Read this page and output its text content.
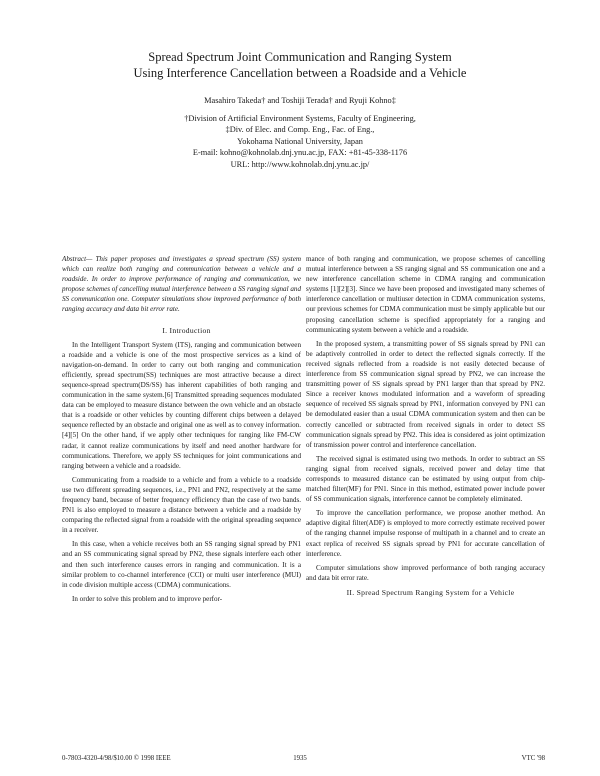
Spread Spectrum Joint Communication and Ranging System
Using Interference Cancellation between a Roadside and a Vehicle

Masahiro Takeda† and Toshiji Terada† and Ryuji Kohno‡

†Division of Artificial Environment Systems, Faculty of Engineering,

‡Div. of Elec. and Comp. Eng., Fac. of Eng.,

Yokohama National University, Japan

E-mail: kohno@kohnolab.dnj.ynu.ac.jp, FAX: +81-45-338-1176

URL: http://www.kohnolab.dnj.ynu.ac.jp/

Abstract— This paper proposes and investigates a spread spectrum (SS) system which can realize both ranging and communication between a vehicle and a roadside. In order to improve performance of ranging and communication, we propose schemes of cancelling mutual interference between a SS ranging signal and SS communication one. Computer simulations show improved performance of both ranging accuracy and data bit error rate.

I. Introduction

In the Intelligent Transport System (ITS), ranging and communication between a roadside and a vehicle is one of the most prospective services as a kind of navigation-on-demand. In order to carry out both ranging and communication efficiently, spread spectrum(SS) techniques are most attractive because a direct sequence-spread spectrum(DS/SS) has inherent capabilities of both ranging and communication in the same system.[6] Transmitted spreading sequences modulated data can be employed to measure distance between the own vehicle and an obstacle that is a roadside or other vehicles by counting different chips between a delayed sequence reflected by an obstacle and original one as well as to convey information. [4][5] On the other hand, if we apply other techniques for ranging like FM-CW radar, it cannot realize communications by itself and need another hardware for communications. Therefore, we apply SS techniques for joint communications and ranging between a vehicle and a roadside.

Communicating from a roadside to a vehicle and from a vehicle to a roadside use two different spreading sequences, i.e., PN1 and PN2, respectively at the same frequency band, because of better frequency efficiency than the case of two bands. PN1 is also employed to measure a distance between a vehicle and a roadside by comparing the reflected signal from a roadside with the original spreading sequence in a receiver.

In this case, when a vehicle receives both an SS ranging signal spread by PN1 and an SS communicating signal spread by PN2, these signals interfere each other and then such interference causes errors in ranging and communication. It is a similar problem to co-channel interference (CCI) or multi user interference (MUI) in code division multiple access (CDMA) communications.

In order to solve this problem and to improve perfor-

mance of both ranging and communication, we propose schemes of cancelling mutual interference between a SS ranging signal and SS communication one and a new interference cancellation scheme in CDMA ranging and communication systems [1][2][3]. Since we have been proposed and investigated many schemes of interference cancellation or multiuser detection in CDMA communication systems, our previous schemes for CDMA communication must be simply applicable but our proposing cancellation scheme is specified appropriately for a ranging and communicating system between a vehicle and a roadside.

In the proposed system, a transmitting power of SS signals spread by PN1 can be adaptively controlled in order to detect the reflected signals correctly. If the received signals reflected from a roadside is not easily detected because of interference from SS communication signal spread by PN2, we can increase the transmitting power of SS signals spread by PN1 larger than that spread by PN2. Since a receiver knows modulated information and a waveform of spreading sequence of received SS signals spread by PN1, information conveyed by PN1 can be demodulated easier than a usual CDMA communication system and then can be correctly cancelled or subtracted from received signals in order to detect SS communication signals spread by PN2. This idea is considered as joint optimization of transmission power control and interference cancellation.

The received signal is estimated using two methods. In order to subtract an SS ranging signal from received signals, received power and delay time that corresponds to measured distance can be estimated by using output from chip-matched filter(MF) for PN1. Since in this method, estimated power include power of SS communication signals, interference cannot be completely eliminated.

To improve the cancellation performance, we propose another method. An adaptive digital filter(ADF) is employed to more correctly estimate received power of the ranging channel impulse response of multipath in a channel and to create an exact replica of received SS signals spread by PN1 for accurate cancellation of interference.

Computer simulations show improved performance of both ranging accuracy and data bit error rate.

II. Spread Spectrum Ranging System for a Vehicle

0-7803-4320-4/98/$10.00 © 1998 IEEE	1935	VTC '98
